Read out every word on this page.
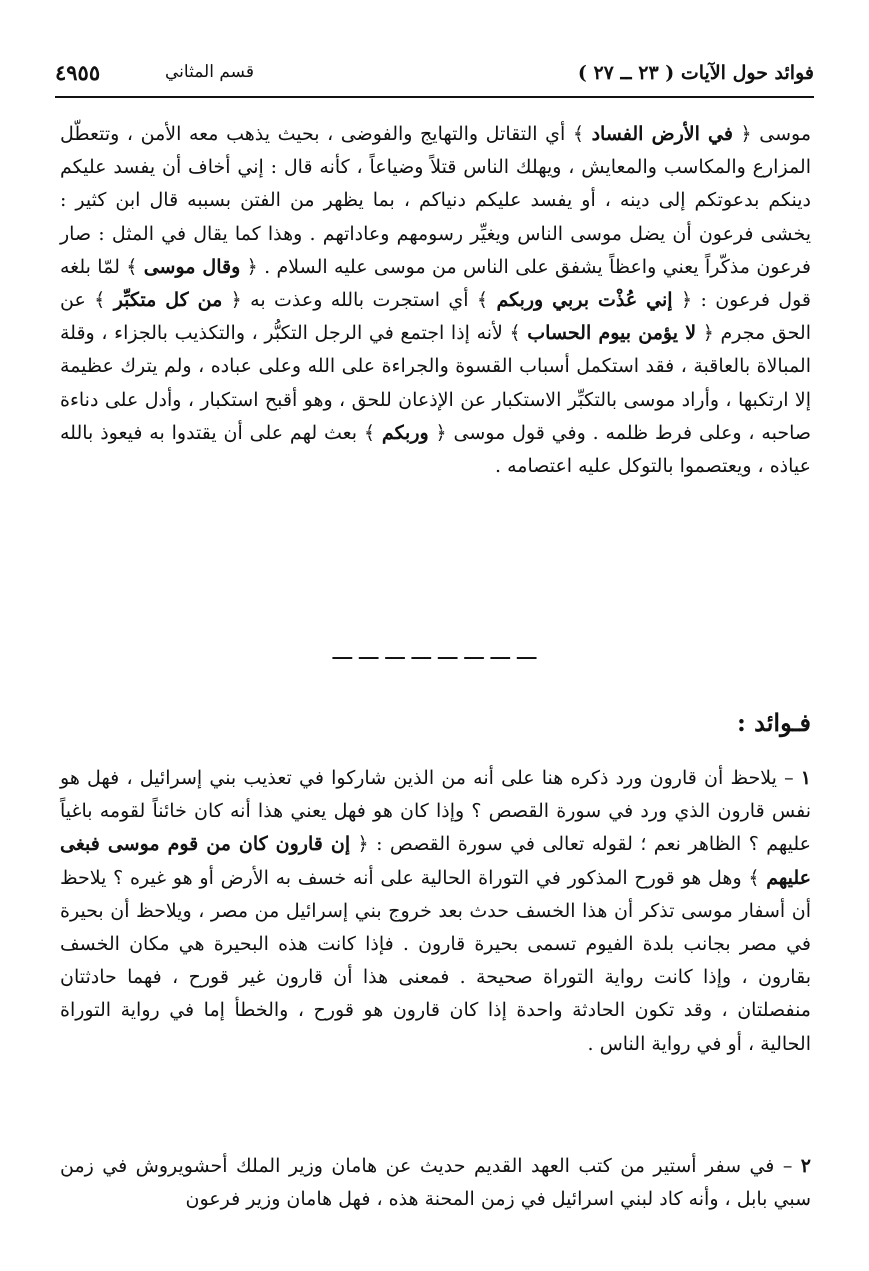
فوائد حول الآيات ( ٢٣ ــ ٢٧ )
قسم المثاني
٤٩٥٥
موسى ﴿ في الأرض الفساد ﴾ أي التقاتل والتهايج والفوضى ، بحيث يذهب معه الأمن ، وتتعطّل المزارع والمكاسب والمعايش ، ويهلك الناس قتلاً وضياعاً ، كأنه قال : إني أخاف أن يفسد عليكم دينكم بدعوتكم إلى دينه ، أو يفسد عليكم دنياكم ، بما يظهر من الفتن بسببه قال ابن كثير : يخشى فرعون أن يضل موسى الناس ويغيِّر رسومهم وعاداتهم . وهذا كما يقال في المثل : صار فرعون مذكّراً يعني واعظاً يشفق على الناس من موسى عليه السلام . ﴿ وقال موسى ﴾ لمّا بلغه قول فرعون : ﴿ إني عُذْت بربي وربكم ﴾ أي استجرت بالله وعذت به ﴿ من كل متكبِّر ﴾ عن الحق مجرم ﴿ لا يؤمن بيوم الحساب ﴾ لأنه إذا اجتمع في الرجل التكبُّر ، والتكذيب بالجزاء ، وقلة المبالاة بالعاقبة ، فقد استكمل أسباب القسوة والجراءة على الله وعلى عباده ، ولم يترك عظيمة إلا ارتكبها ، وأراد موسى بالتكبِّر الاستكبار عن الإذعان للحق ، وهو أقبح استكبار ، وأدل على دناءة صاحبه ، وعلى فرط ظلمه . وفي قول موسى ﴿ وربكم ﴾ بعث لهم على أن يقتدوا به فيعوذ بالله عياذه ، ويعتصموا بالتوكل عليه اعتصامه .
ـــ ـــ ـــ ـــ ـــ ـــ ـــ ـــ
فـوائد :
١ – يلاحظ أن قارون ورد ذكره هنا على أنه من الذين شاركوا في تعذيب بني إسرائيل ، فهل هو نفس قارون الذي ورد في سورة القصص ؟ وإذا كان هو فهل يعني هذا أنه كان خائناً لقومه باغياً عليهم ؟ الظاهر نعم ؛ لقوله تعالى في سورة القصص : ﴿ إن قارون كان من قوم موسى فبغى عليهم ﴾ وهل هو قورح المذكور في التوراة الحالية على أنه خسف به الأرض أو هو غيره ؟ يلاحظ أن أسفار موسى تذكر أن هذا الخسف حدث بعد خروج بني إسرائيل من مصر ، ويلاحظ أن بحيرة في مصر بجانب بلدة الفيوم تسمى بحيرة قارون . فإذا كانت هذه البحيرة هي مكان الخسف بقارون ، وإذا كانت رواية التوراة صحيحة . فمعنى هذا أن قارون غير قورح ، فهما حادثتان منفصلتان ، وقد تكون الحادثة واحدة إذا كان قارون هو قورح ، والخطأ إما في رواية التوراة الحالية ، أو في رواية الناس .
٢ – في سفر أستير من كتب العهد القديم حديث عن هامان وزير الملك أحشويروش في زمن سبي بابل ، وأنه كاد لبني اسرائيل في زمن المحنة هذه ، فهل هامان وزير فرعون
